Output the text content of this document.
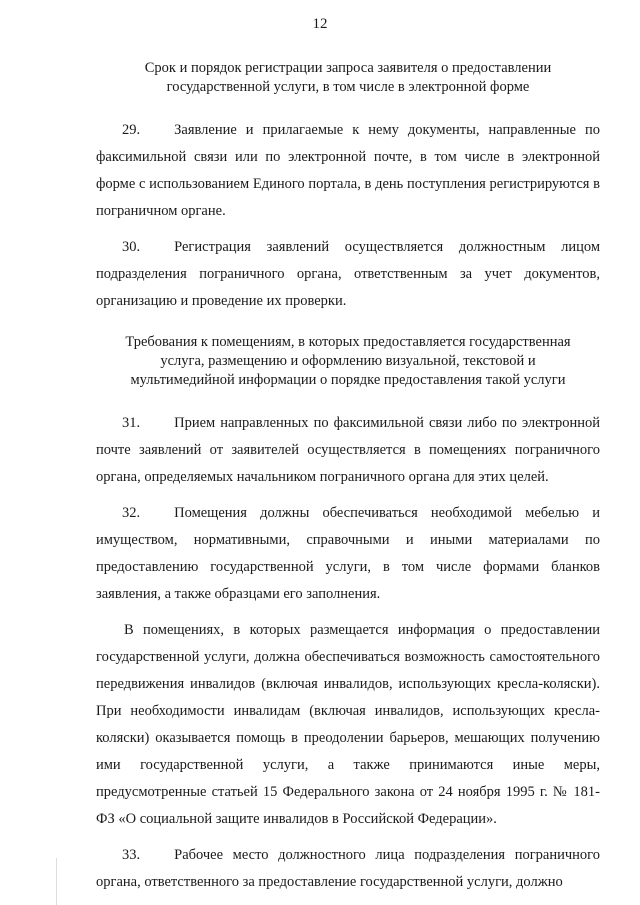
12
Срок и порядок регистрации запроса заявителя о предоставлении
государственной услуги, в том числе в электронной форме

29. Заявление и прилагаемые к нему документы, направленные по факсимильной связи или по электронной почте, в том числе в электронной форме с использованием Единого портала, в день поступления регистрируются в пограничном органе.

30. Регистрация заявлений осуществляется должностным лицом подразделения пограничного органа, ответственным за учет документов, организацию и проведение их проверки.

Требования к помещениям, в которых предоставляется государственная
услуга, размещению и оформлению визуальной, текстовой и
мультимедийной информации о порядке предоставления такой услуги

31. Прием направленных по факсимильной связи либо по электронной почте заявлений от заявителей осуществляется в помещениях пограничного органа, определяемых начальником пограничного органа для этих целей.

32. Помещения должны обеспечиваться необходимой мебелью и имуществом, нормативными, справочными и иными материалами по предоставлению государственной услуги, в том числе формами бланков заявления, а также образцами его заполнения.

В помещениях, в которых размещается информация о предоставлении государственной услуги, должна обеспечиваться возможность самостоятельного передвижения инвалидов (включая инвалидов, использующих кресла-коляски). При необходимости инвалидам (включая инвалидов, использующих кресла-коляски) оказывается помощь в преодолении барьеров, мешающих получению ими государственной услуги, а также принимаются иные меры, предусмотренные статьей 15 Федерального закона от 24 ноября 1995 г. № 181-ФЗ «О социальной защите инвалидов в Российской Федерации».

33. Рабочее место должностного лица подразделения пограничного органа, ответственного за предоставление государственной услуги, должно
